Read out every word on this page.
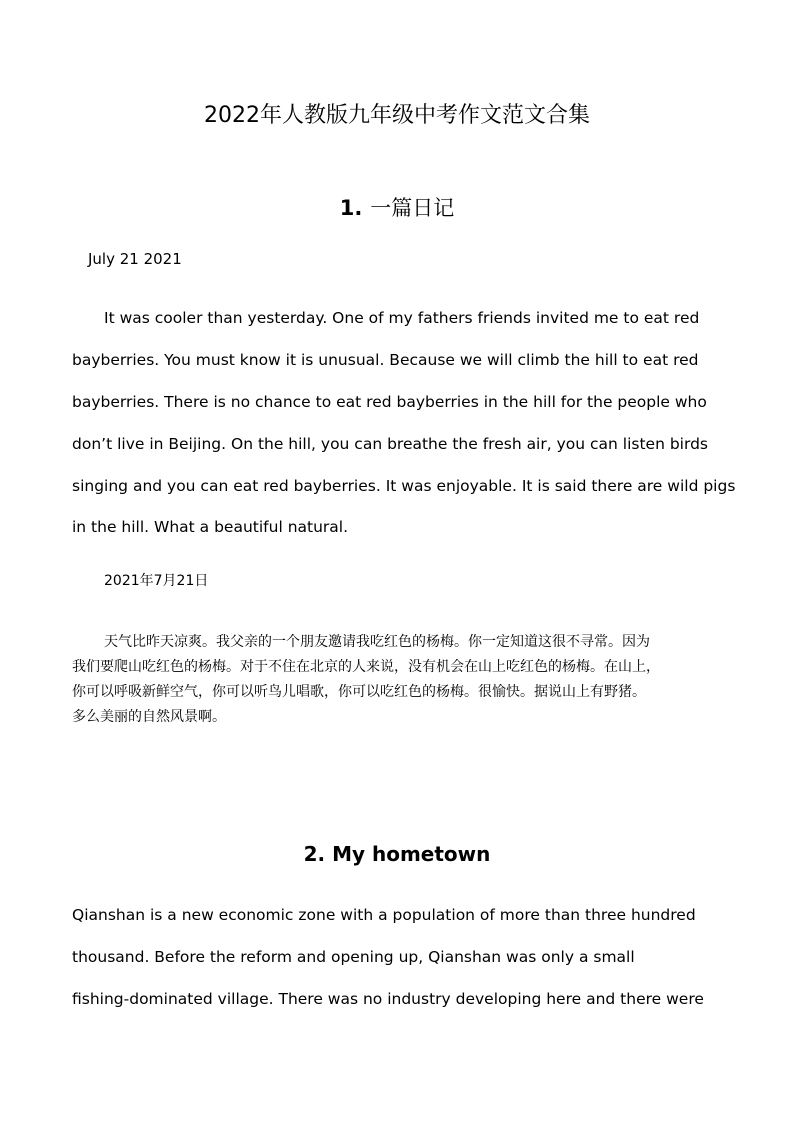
2022年人教版九年级中考作文范文合集
1. 一篇日记

July 21 2021

It was cooler than yesterday. One of my fathers friends invited me to eat red

bayberries. You must know it is unusual. Because we will climb the hill to eat red

bayberries. There is no chance to eat red bayberries in the hill for the people who

don’t live in Beijing. On the hill, you can breathe the fresh air, you can listen birds

singing and you can eat red bayberries. It was enjoyable. It is said there are wild pigs

in the hill. What a beautiful natural.

2021年7月21日

天气比昨天凉爽。我父亲的一个朋友邀请我吃红色的杨梅。你一定知道这很不寻常。因为

我们要爬山吃红色的杨梅。对于不住在北京的人来说，没有机会在山上吃红色的杨梅。在山上，

你可以呼吸新鲜空气，你可以听鸟儿唱歌，你可以吃红色的杨梅。很愉快。据说山上有野猪。

多么美丽的自然风景啊。

2. My hometown

Qianshan is a new economic zone with a population of more than three hundred

thousand. Before the reform and opening up, Qianshan was only a small

fishing-dominated village. There was no industry developing here and there were
